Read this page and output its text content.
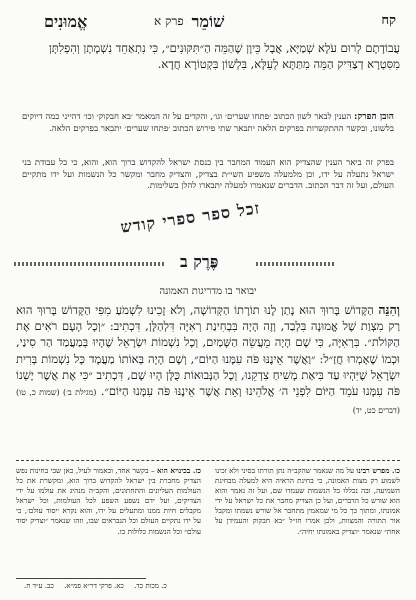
קח
שׁוֹמֵר
פרק א
אֱמוּנִים
עֲבוֹדָתָם לְרוּם עֹלָא שְׁמַיָּא, אֲבָל כֵּיוָן שֶׁהַמֵּה הַ״תִּקּוּנִים״, כִּי נִתְאַחֵד נִשְׁמָתָן וְהִפְלִתָּן
מִסִּטְרָא דְצַדִּיק הַמֵּה מִתַּתָּא לְעֵלָּא, בִּלְשׁוֹן בִּקְטוֹרָא חֲדָא.
הובן הפרק: הענין לבאר לשון הכתוב ׳פתחו שערים׳ וגו׳, והקדים על זה המאמר ׳בא חבקוק׳ וכו׳ דהייני כמה דיוקים בלשונו, ובקשר ההתקשרות בפרקים הלאה יתבאר שתי פירוש הכתוב ׳פתחו שערים׳ יתבאר בפרקים הלאה.
בפרק זה ביאר הענין שהצדיק הוא העמוד המחבר בין כנסת ישראל להקדוש ברוך הוא, והוא, כי כל עבודת בני ישראל נתעלה על ידו, וכן מלמעלה משפיע השי״ת בצדיק, והצדיק מחבר ומקשר כל הנשמות ועל ידו מתקיים העולם, ועל זה דבר הכתוב. הדברים שנאמרו למעלה יתבארו להלן בשלימות.
זכל ספר ספרי קודש
פֶּרֶק ב
יבואר בו מדריגות האמונה
וְהִנֵּה הַקָּדוֹשׁ בָּרוּךְ הוּא נָתַן לָנוּ תוֹרָתוֹ הַקְּדוֹשָׁה, וְלֹא זָכִינוּ לִשְׁמֹעַ מִפִּי הַקָּדוֹשׁ בָּרוּךְ הוּא רַק מִצְוַת שֶׁל אֱמוּנָה בִּלְבַד, וְזֶה הָיָה בִּבְחִינַת רְאִיָּה דִּלְהַלָּן, דִּכְתִיב: ״וְכָל הָעָם רֹאִים אֶת הַקּוֹלֹת״. בִּרְאִיָּה, כִּי שָׁם הָיָה מֵעֲשֵׂה הַשָּׁמַיִם, וְכָל נִשְׁמוֹת יִשְׂרָאֵל שֶׁהָיוּ בְּמַעֲמַד הַר סִינַי, וּכְמוֹ שֶׁאָמְרוּ חֲזַ״ל: ״וַאֲשֶׁר אֵינֶנּוּ פֹּה עִמָּנוּ הַיּוֹם״, וְשָׁם הָיָה בְּאוֹתוֹ מַעֲמָד כָּל נִשְׁמוֹת בְּרִית יִשְׂרָאֵל שֶׁיִּהְיוּ עַד בִּיאַת מָשִׁיחַ צִדְקֵנוּ, וְכָל הַנְּבוּאוֹת כֻּלָּן הָיוּ שָׁם, דִּכְתִיב ״כִּי אֶת אֲשֶׁר יֶשְׁנוֹ פֹּה עִמָּנוּ עֹמֵד הַיּוֹם לִפְנֵי ה׳ אֱלֹהֵינוּ וְאֵת אֲשֶׁר אֵינֶנּוּ פֹּה עִמָּנוּ הַיּוֹם״. (מגילת ב׳) (שמות כ, טו) (דברים כט, יד)
כו. מפרש רבינו על מה שנאמר שהקב״ה נתן תורתו בסיני ולא זכינו לשמוע רק מצות האמונה, כי בחינת הראיה היא למעלה מבחינת השמיעה, ובה נכללו כל הנשמות שעמדו שם, ועל זה נאמר והוא הוא שורש כל הדברים, ועל כן הצדיק מחבר את כל ישראל על ידי אמונתו, ומתוך כך כל מי שמאמין מתחבר אל שורש נשמתו ומקבל אור התורה והמצוות, ולכן אמרו חז״ל ״בא חבקוק והעמידן על אחת״ שנאמר ״וצדיק באמונתו יחיה״.
כז. בכינויא הוא – בקשר אחד, וכאמור לעיל, כאן שבי בחינות נפש הצדיק מחברת בין ישראל להקדוש ברוך הוא, ומקשרת את כל העולמות העליונים והתחתונים, והקב״ה מנהיג את עולמו על ידי הצדיקים, ועל ידם נשפע השפע לכל העולמות, וכל ישראל מקבלים חיות ממנו ומתעלים על ידו, והוא נקרא ׳יסוד עולם׳, כי על ידו נתקיים העולם וכל הנבראים שבו, וזהו שנאמר ״וצדיק יסוד עולם״ וכל הנשמות כלולות בו.
כ. מכות כד. כא. פרקי דר״א פמ״א. כב. ע״ד ח.
